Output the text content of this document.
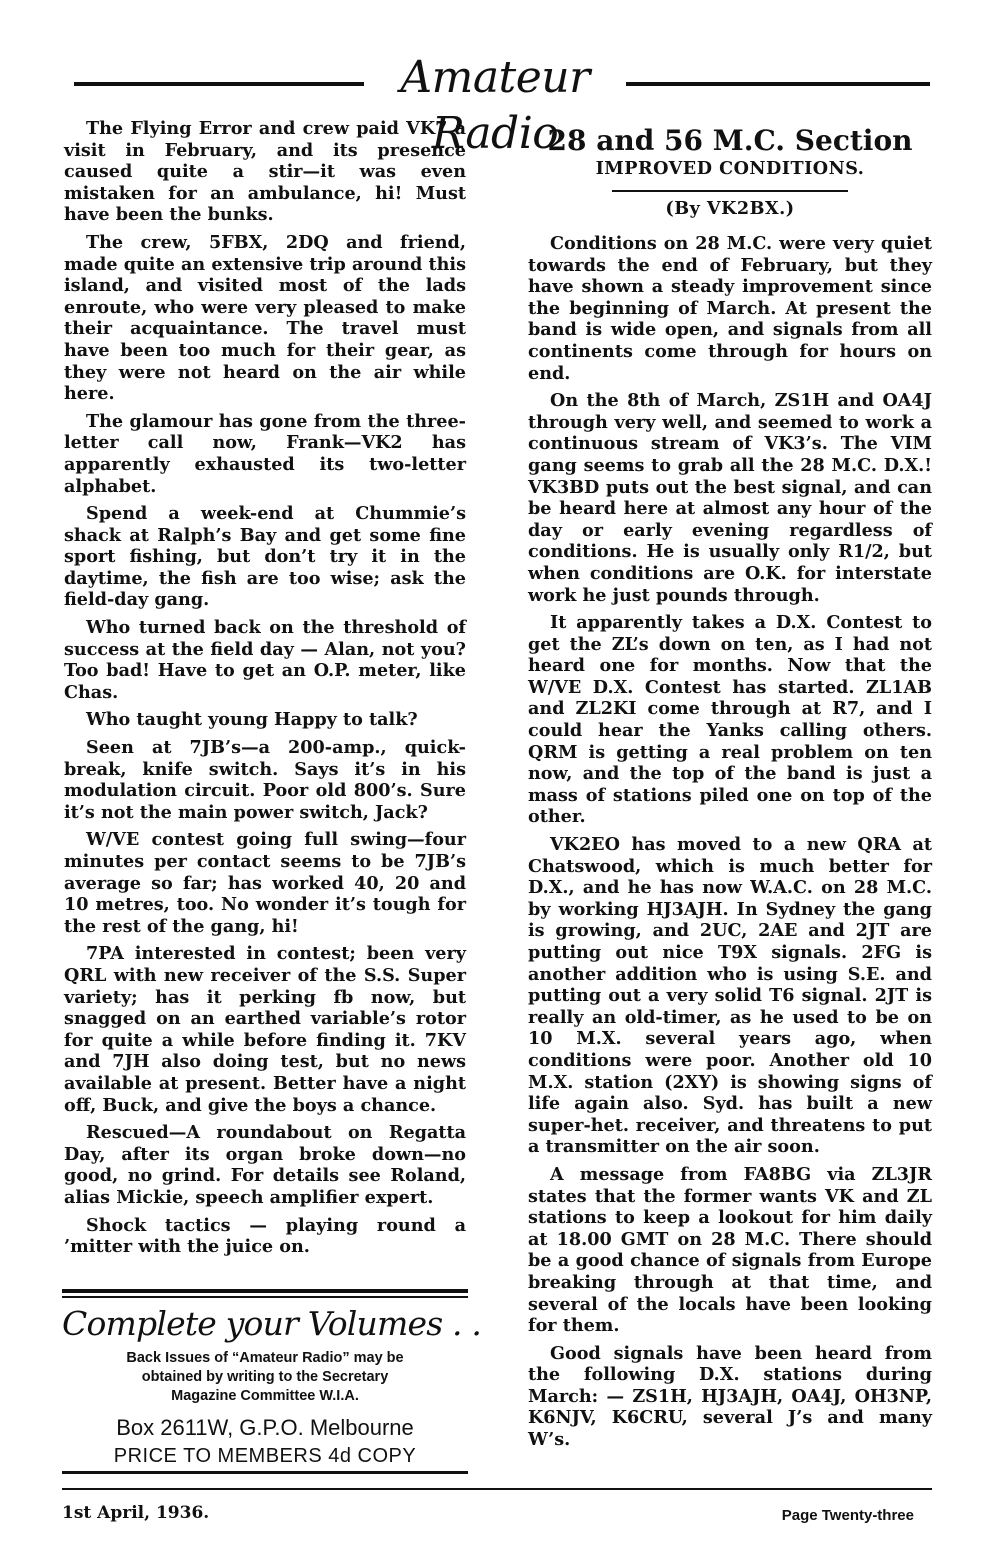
Amateur Radio

The Flying Error and crew paid VK7 a visit in February, and its presence caused quite a stir—it was even mistaken for an ambulance, hi! Must have been the bunks.

The crew, 5FBX, 2DQ and friend, made quite an extensive trip around this island, and visited most of the lads enroute, who were very pleased to make their acquaintance. The travel must have been too much for their gear, as they were not heard on the air while here.

The glamour has gone from the three-letter call now, Frank—VK2 has apparently exhausted its two-letter alphabet.

Spend a week-end at Chummie’s shack at Ralph’s Bay and get some fine sport fishing, but don’t try it in the daytime, the fish are too wise; ask the field-day gang.

Who turned back on the threshold of success at the field day — Alan, not you? Too bad! Have to get an O.P. meter, like Chas.

Who taught young Happy to talk?

Seen at 7JB’s—a 200-amp., quick-break, knife switch. Says it’s in his modulation circuit. Poor old 800’s. Sure it’s not the main power switch, Jack?

W/VE contest going full swing—four minutes per contact seems to be 7JB’s average so far; has worked 40, 20 and 10 metres, too. No wonder it’s tough for the rest of the gang, hi!

7PA interested in contest; been very QRL with new receiver of the S.S. Super variety; has it perking fb now, but snagged on an earthed variable’s rotor for quite a while before finding it. 7KV and 7JH also doing test, but no news available at present. Better have a night off, Buck, and give the boys a chance.

Rescued—A roundabout on Regatta Day, after its organ broke down—no good, no grind. For details see Roland, alias Mickie, speech amplifier expert.

Shock tactics — playing round a ’mitter with the juice on.

Complete your Volumes . .
Back Issues of “Amateur Radio” may be
obtained by writing to the Secretary
Magazine Committee W.I.A.
Box 2611W, G.P.O. Melbourne
PRICE TO MEMBERS 4d COPY
28 and 56 M.C. Section
IMPROVED CONDITIONS.
(By VK2BX.)

Conditions on 28 M.C. were very quiet towards the end of February, but they have shown a steady improvement since the beginning of March. At present the band is wide open, and signals from all continents come through for hours on end.

On the 8th of March, ZS1H and OA4J through very well, and seemed to work a continuous stream of VK3’s. The VIM gang seems to grab all the 28 M.C. D.X.! VK3BD puts out the best signal, and can be heard here at almost any hour of the day or early evening regardless of conditions. He is usually only R1/2, but when conditions are O.K. for interstate work he just pounds through.

It apparently takes a D.X. Contest to get the ZL’s down on ten, as I had not heard one for months. Now that the W/VE D.X. Contest has started. ZL1AB and ZL2KI come through at R7, and I could hear the Yanks calling others. QRM is getting a real problem on ten now, and the top of the band is just a mass of stations piled one on top of the other.

VK2EO has moved to a new QRA at Chatswood, which is much better for D.X., and he has now W.A.C. on 28 M.C. by working HJ3AJH. In Sydney the gang is growing, and 2UC, 2AE and 2JT are putting out nice T9X signals. 2FG is another addition who is using S.E. and putting out a very solid T6 signal. 2JT is really an old-timer, as he used to be on 10 M.X. several years ago, when conditions were poor. Another old 10 M.X. station (2XY) is showing signs of life again also. Syd. has built a new super-het. receiver, and threatens to put a transmitter on the air soon.

A message from FA8BG via ZL3JR states that the former wants VK and ZL stations to keep a lookout for him daily at 18.00 GMT on 28 M.C. There should be a good chance of signals from Europe breaking through at that time, and several of the locals have been looking for them.

Good signals have been heard from the following D.X. stations during March: — ZS1H, HJ3AJH, OA4J, OH3NP, K6NJV, K6CRU, several J’s and many W’s.

1st April, 1936.	Page Twenty-three
